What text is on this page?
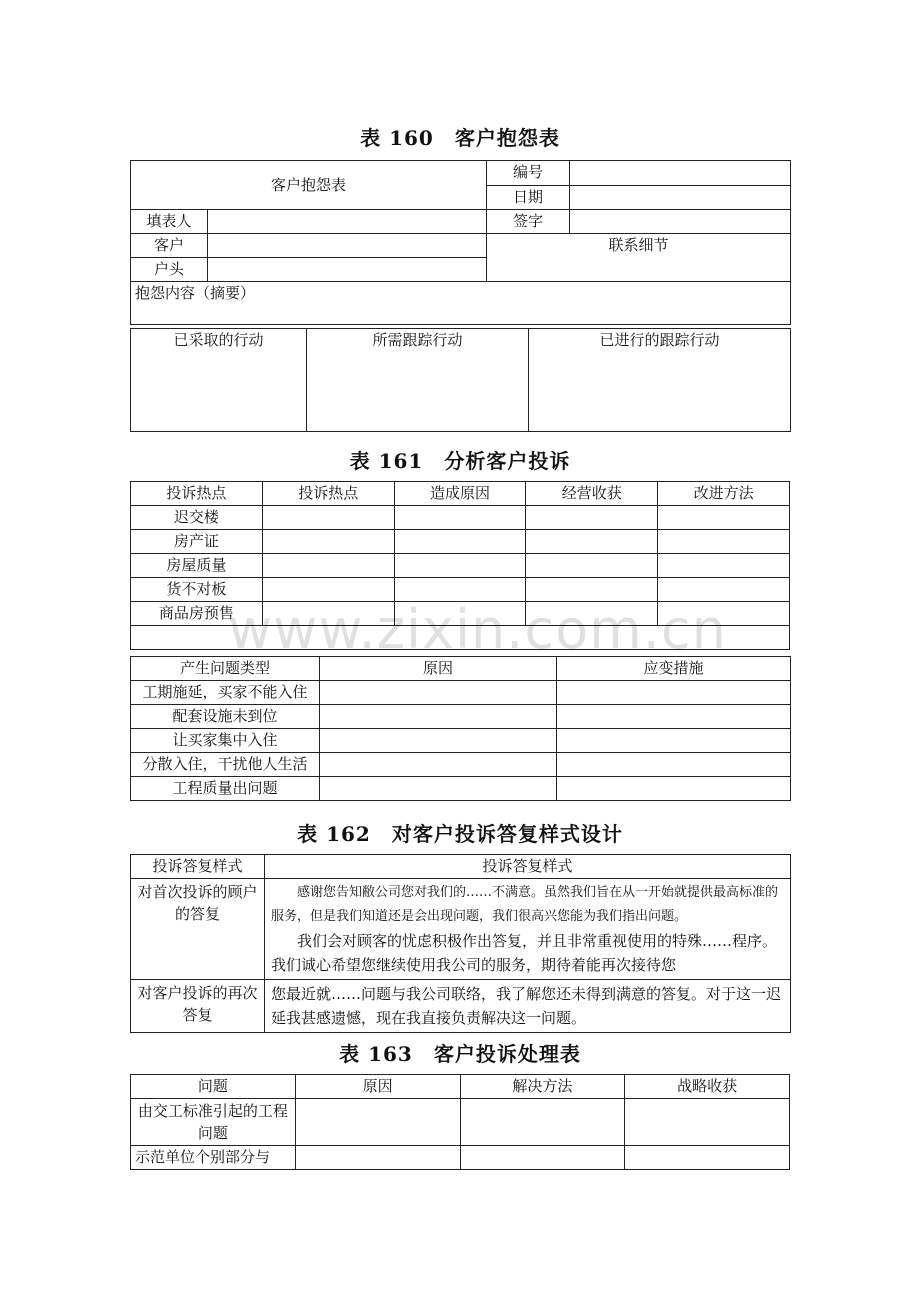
表 160　客户抱怨表
客户抱怨表		编号	
		日期	
填表人		签字	
客户		联系细节	
户头			
抱怨内容（摘要）			
已采取的行动	所需跟踪行动	已进行的跟踪行动
表 161　分析客户投诉
投诉热点	投诉热点	造成原因	经营收获	改进方法
迟交楼				
房产证				
房屋质量				
货不对板				
商品房预售				

产生问题类型	原因	应变措施
工期施延，买家不能入住		
配套设施未到位		
让买家集中入住		
分散入住，干扰他人生活		
工程质量出问题		
表 162　对客户投诉答复样式设计
投诉答复样式	投诉答复样式
对首次投诉的顾户的答复	感谢您告知敝公司您对我们的……不满意。虽然我们旨在从一开始就提供最高标准的服务，但是我们知道还是会出现问题，我们很高兴您能为我们指出问题。

我们会对顾客的忧虑积极作出答复，并且非常重视使用的特殊……程序。我们诚心希望您继续使用我公司的服务，期待着能再次接待您

对客户投诉的再次答复	您最近就……问题与我公司联络，我了解您还未得到满意的答复。对于这一迟延我甚感遗憾，现在我直接负责解决这一问题。

表 163　客户投诉处理表
问题	原因	解决方法	战略收获
由交工标准引起的工程问题			
示范单位个别部分与			
www.zixin.com.cn
